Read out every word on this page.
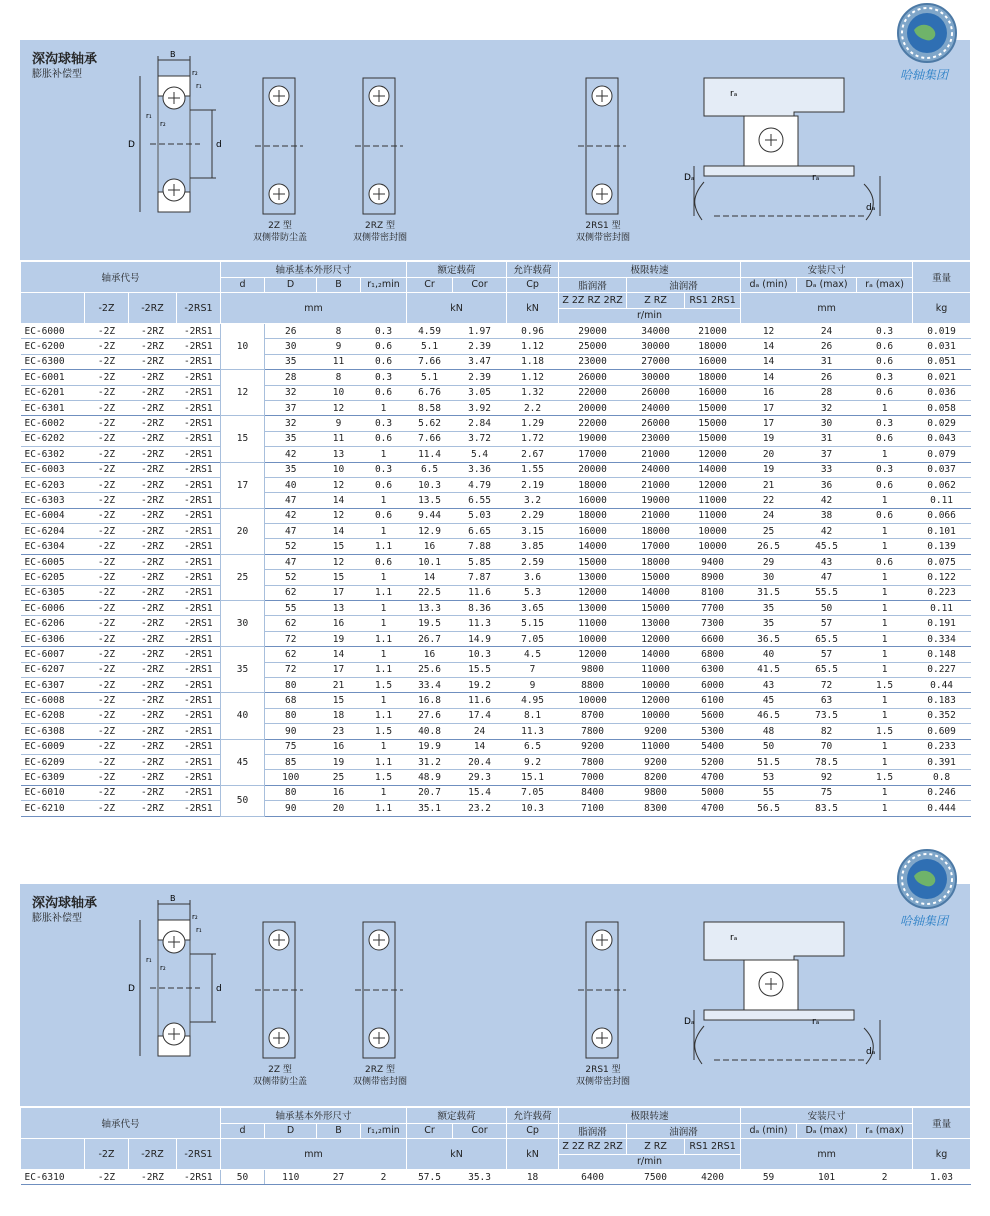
深沟球轴承
膨胀补偿型
B
r₂
r₁
r₁
r₂
D	d
2Z 型
双侧带防尘盖
2RZ 型
双侧带密封圈
2RS1 型
双侧带密封圈
rₐ
rₐ
Dₐ
dₐ
轴承代号				轴承基本外形尺寸				额定载荷		允许载荷	极限转速			安装尺寸			重量
				d	D	B	r₁,₂min	Cr	Cor	Cp	脂润滑	油润滑		dₐ (min)	Dₐ (max)	rₐ (max)	
	-2Z	-2RZ	-2RS1	mm				kN		kN	Z 2Z RZ 2RZ	Z RZ	RS1 2RS1	mm			kg
											r/min						
EC-6000	-2Z	-2RZ	-2RS1	10	26	8	0.3	4.59	1.97	0.96	29000	34000	21000	12	24	0.3	0.019
EC-6200	-2Z	-2RZ	-2RS1		30	9	0.6	5.1	2.39	1.12	25000	30000	18000	14	26	0.6	0.031
EC-6300	-2Z	-2RZ	-2RS1		35	11	0.6	7.66	3.47	1.18	23000	27000	16000	14	31	0.6	0.051
EC-6001	-2Z	-2RZ	-2RS1	12	28	8	0.3	5.1	2.39	1.12	26000	30000	18000	14	26	0.3	0.021
EC-6201	-2Z	-2RZ	-2RS1		32	10	0.6	6.76	3.05	1.32	22000	26000	16000	16	28	0.6	0.036
EC-6301	-2Z	-2RZ	-2RS1		37	12	1	8.58	3.92	2.2	20000	24000	15000	17	32	1	0.058
EC-6002	-2Z	-2RZ	-2RS1	15	32	9	0.3	5.62	2.84	1.29	22000	26000	15000	17	30	0.3	0.029
EC-6202	-2Z	-2RZ	-2RS1		35	11	0.6	7.66	3.72	1.72	19000	23000	15000	19	31	0.6	0.043
EC-6302	-2Z	-2RZ	-2RS1		42	13	1	11.4	5.4	2.67	17000	21000	12000	20	37	1	0.079
EC-6003	-2Z	-2RZ	-2RS1	17	35	10	0.3	6.5	3.36	1.55	20000	24000	14000	19	33	0.3	0.037
EC-6203	-2Z	-2RZ	-2RS1		40	12	0.6	10.3	4.79	2.19	18000	21000	12000	21	36	0.6	0.062
EC-6303	-2Z	-2RZ	-2RS1		47	14	1	13.5	6.55	3.2	16000	19000	11000	22	42	1	0.11
EC-6004	-2Z	-2RZ	-2RS1	20	42	12	0.6	9.44	5.03	2.29	18000	21000	11000	24	38	0.6	0.066
EC-6204	-2Z	-2RZ	-2RS1		47	14	1	12.9	6.65	3.15	16000	18000	10000	25	42	1	0.101
EC-6304	-2Z	-2RZ	-2RS1		52	15	1.1	16	7.88	3.85	14000	17000	10000	26.5	45.5	1	0.139
EC-6005	-2Z	-2RZ	-2RS1	25	47	12	0.6	10.1	5.85	2.59	15000	18000	9400	29	43	0.6	0.075
EC-6205	-2Z	-2RZ	-2RS1		52	15	1	14	7.87	3.6	13000	15000	8900	30	47	1	0.122
EC-6305	-2Z	-2RZ	-2RS1		62	17	1.1	22.5	11.6	5.3	12000	14000	8100	31.5	55.5	1	0.223
EC-6006	-2Z	-2RZ	-2RS1	30	55	13	1	13.3	8.36	3.65	13000	15000	7700	35	50	1	0.11
EC-6206	-2Z	-2RZ	-2RS1		62	16	1	19.5	11.3	5.15	11000	13000	7300	35	57	1	0.191
EC-6306	-2Z	-2RZ	-2RS1		72	19	1.1	26.7	14.9	7.05	10000	12000	6600	36.5	65.5	1	0.334
EC-6007	-2Z	-2RZ	-2RS1	35	62	14	1	16	10.3	4.5	12000	14000	6800	40	57	1	0.148
EC-6207	-2Z	-2RZ	-2RS1		72	17	1.1	25.6	15.5	7	9800	11000	6300	41.5	65.5	1	0.227
EC-6307	-2Z	-2RZ	-2RS1		80	21	1.5	33.4	19.2	9	8800	10000	6000	43	72	1.5	0.44
EC-6008	-2Z	-2RZ	-2RS1	40	68	15	1	16.8	11.6	4.95	10000	12000	6100	45	63	1	0.183
EC-6208	-2Z	-2RZ	-2RS1		80	18	1.1	27.6	17.4	8.1	8700	10000	5600	46.5	73.5	1	0.352
EC-6308	-2Z	-2RZ	-2RS1		90	23	1.5	40.8	24	11.3	7800	9200	5300	48	82	1.5	0.609
EC-6009	-2Z	-2RZ	-2RS1	45	75	16	1	19.9	14	6.5	9200	11000	5400	50	70	1	0.233
EC-6209	-2Z	-2RZ	-2RS1		85	19	1.1	31.2	20.4	9.2	7800	9200	5200	51.5	78.5	1	0.391
EC-6309	-2Z	-2RZ	-2RS1		100	25	1.5	48.9	29.3	15.1	7000	8200	4700	53	92	1.5	0.8
EC-6010	-2Z	-2RZ	-2RS1	50	80	16	1	20.7	15.4	7.05	8400	9800	5000	55	75	1	0.246
EC-6210	-2Z	-2RZ	-2RS1		90	20	1.1	35.1	23.2	10.3	7100	8300	4700	56.5	83.5	1	0.444
哈轴集团
深沟球轴承
膨胀补偿型
B
r₂
r₁
r₁
r₂
D	d
2Z 型
双侧带防尘盖
2RZ 型
双侧带密封圈
2RS1 型
双侧带密封圈
rₐ
rₐ
Dₐ
dₐ
轴承代号				轴承基本外形尺寸				额定载荷		允许载荷	极限转速			安装尺寸			重量
				d	D	B	r₁,₂min	Cr	Cor	Cp	脂润滑	油润滑		dₐ (min)	Dₐ (max)	rₐ (max)	
	-2Z	-2RZ	-2RS1	mm				kN		kN	Z 2Z RZ 2RZ	Z RZ	RS1 2RS1	mm			kg
											r/min						
EC-6310	-2Z	-2RZ	-2RS1	50	110	27	2	57.5	35.3	18	6400	7500	4200	59	101	2	1.03
哈轴集团
